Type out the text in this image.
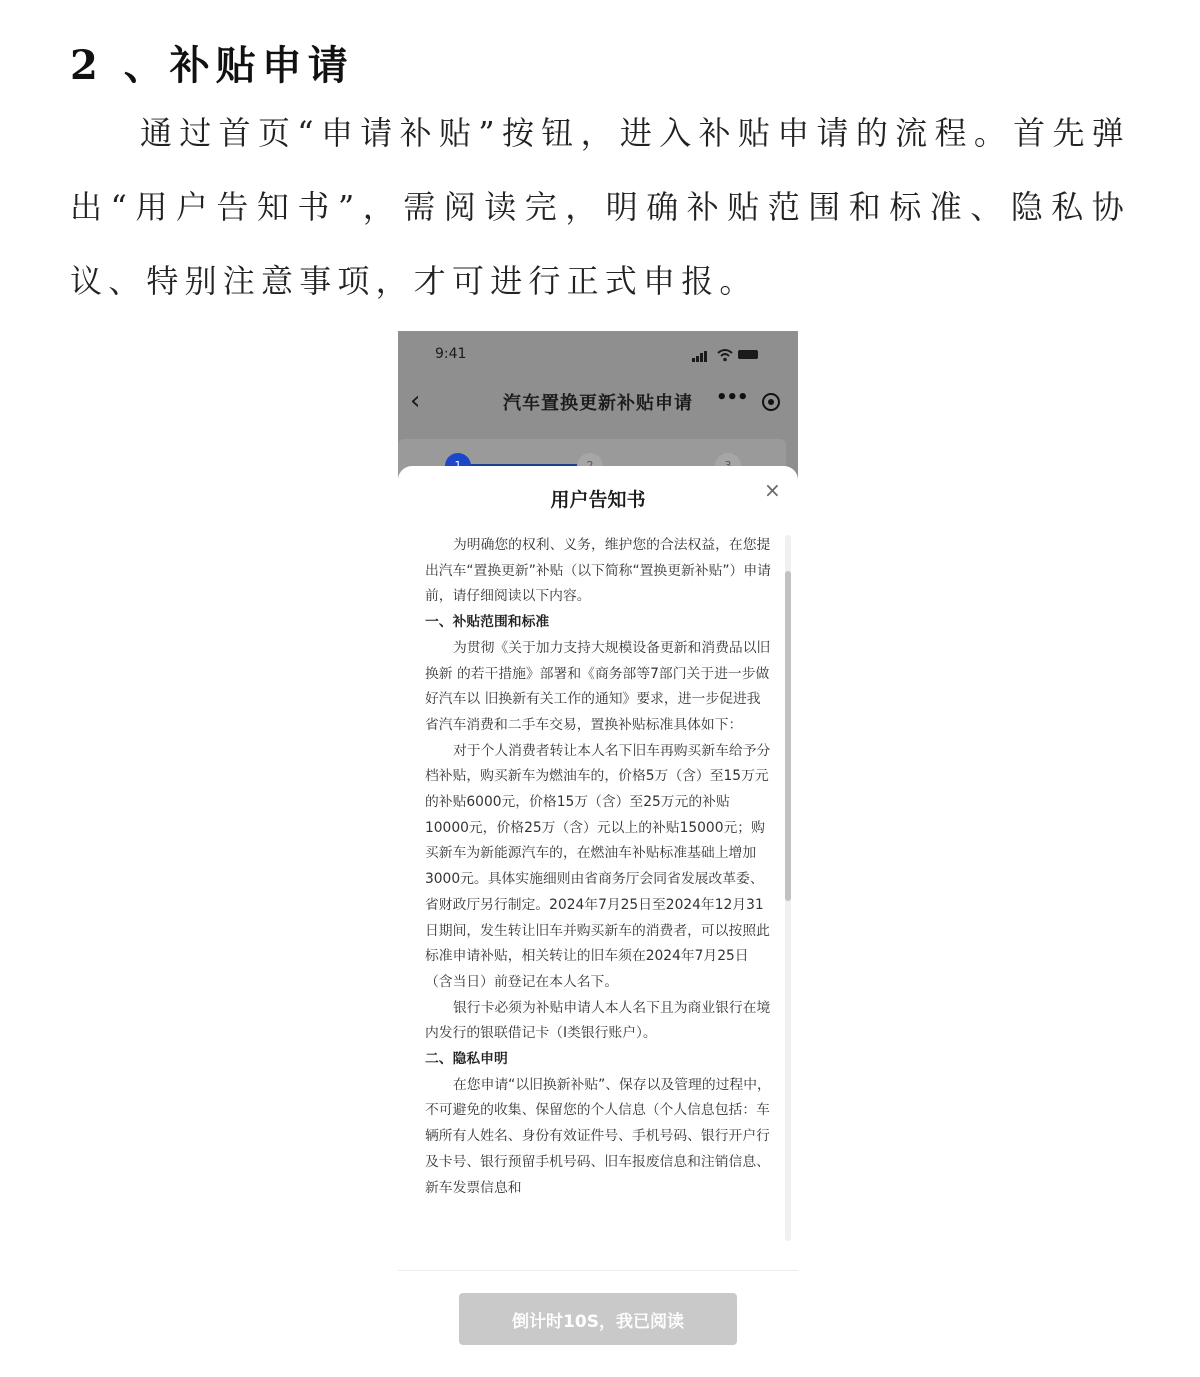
2 、补贴申请

通过首页“申请补贴”按钮，进入补贴申请的流程。首先弹出“用户告知书”，需阅读完，明确补贴范围和标准、隐私协议、特别注意事项，才可进行正式申报。

9:41
‹	汽车置换更新补贴申请	•••
用户告知书	×

为明确您的权利、义务，维护您的合法权益，在您提出汽车“置换更新”补贴（以下简称“置换更新补贴”）申请前，请仔细阅读以下内容。

一、补贴范围和标准

为贯彻《关于加力支持大规模设备更新和消费品以旧换新 的若干措施》部署和《商务部等7部门关于进一步做好汽车以 旧换新有关工作的通知》要求，进一步促进我省汽车消费和二手车交易，置换补贴标准具体如下：

对于个人消费者转让本人名下旧车再购买新车给予分档补贴，购买新车为燃油车的，价格5万（含）至15万元的补贴6000元，价格15万（含）至25万元的补贴10000元，价格25万（含）元以上的补贴15000元；购买新车为新能源汽车的，在燃油车补贴标准基础上增加3000元。具体实施细则由省商务厅会同省发展改革委、省财政厅另行制定。2024年7月25日至2024年12月31日期间，发生转让旧车并购买新车的消费者，可以按照此标准申请补贴，相关转让的旧车须在2024年7月25日（含当日）前登记在本人名下。

银行卡必须为补贴申请人本人名下且为商业银行在境内发行的银联借记卡（I类银行账户）。

二、隐私申明

在您申请“以旧换新补贴”、保存以及管理的过程中，不可避免的收集、保留您的个人信息（个人信息包括：车辆所有人姓名、身份有效证件号、手机号码、银行开户行及卡号、银行预留手机号码、旧车报废信息和注销信息、新车发票信息和

倒计时10S，我已阅读
